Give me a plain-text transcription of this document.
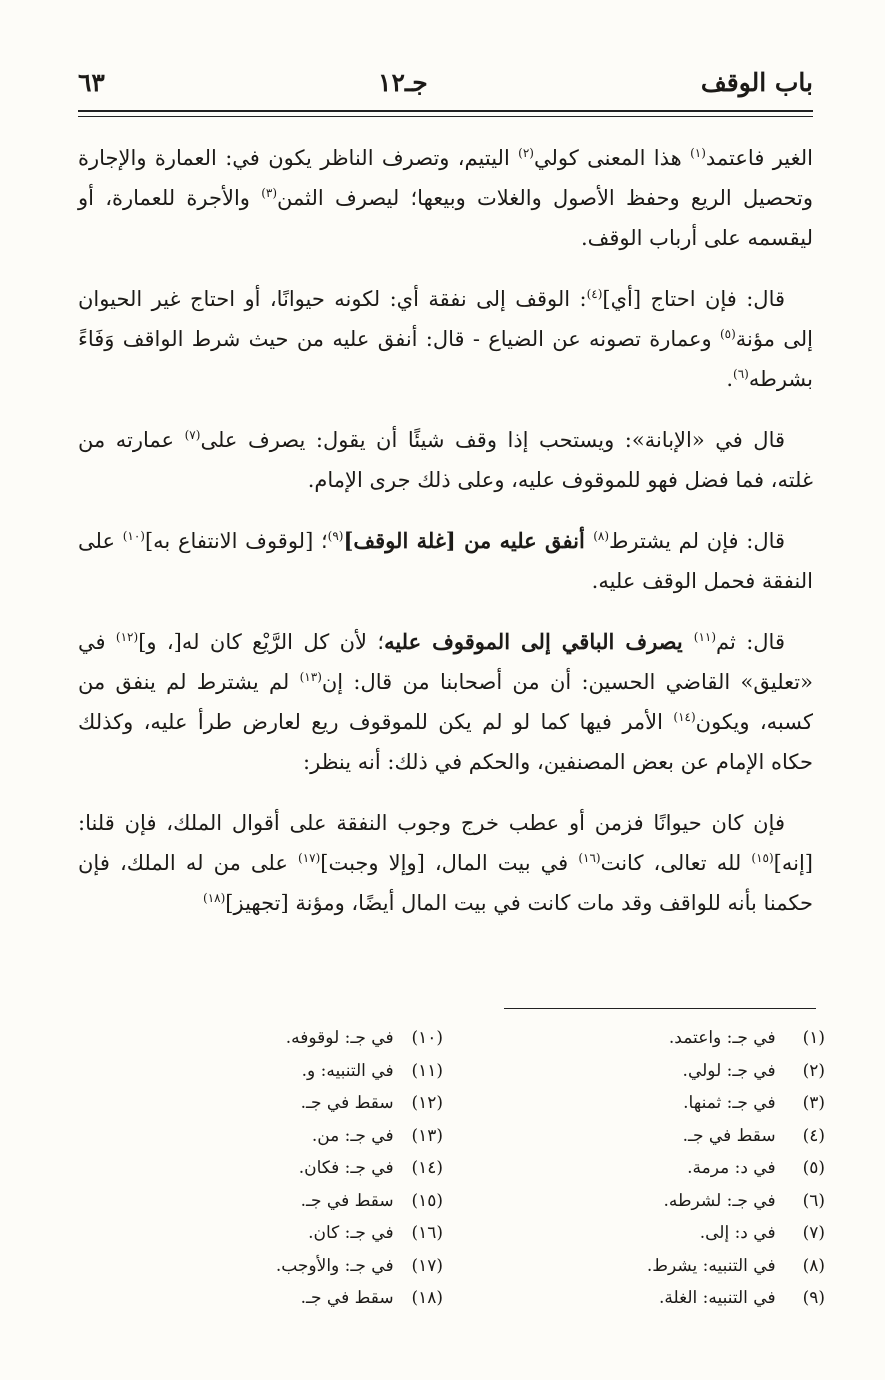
باب الوقف
جـ١٢
٦٣

الغير فاعتمد$^{(١)}$ هذا المعنى كولي$^{(٢)}$ اليتيم، وتصرف الناظر يكون في: العمارة والإجارة وتحصيل الريع وحفظ الأصول والغلات وبيعها؛ ليصرف الثمن$^{(٣)}$ والأجرة للعمارة، أو ليقسمه على أرباب الوقف.

قال: فإن احتاج [أي]$^{(٤)}$: الوقف إلى نفقة أي: لكونه حيوانًا، أو احتاج غير الحيوان إلى مؤنة$^{(٥)}$ وعمارة تصونه عن الضياع - قال: أنفق عليه من حيث شرط الواقف وَفَاءً بشرطه$^{(٦)}$.

قال في «الإبانة»: ويستحب إذا وقف شيئًا أن يقول: يصرف على$^{(٧)}$ عمارته من غلته، فما فضل فهو للموقوف عليه، وعلى ذلك جرى الإمام.

قال: فإن لم يشترط$^{(٨)}$ أنفق عليه من [غلة الوقف]$^{(٩)}$؛ [لوقوف الانتفاع به]$^{(١٠)}$ على النفقة فحمل الوقف عليه.

قال: ثم$^{(١١)}$ يصرف الباقي إلى الموقوف عليه؛ لأن كل الرَّيْع كان له[، و]$^{(١٢)}$ في «تعليق» القاضي الحسين: أن من أصحابنا من قال: إن$^{(١٣)}$ لم يشترط لم ينفق من كسبه، ويكون$^{(١٤)}$ الأمر فيها كما لو لم يكن للموقوف ريع لعارض طرأ عليه، وكذلك حكاه الإمام عن بعض المصنفين، والحكم في ذلك: أنه ينظر:

فإن كان حيوانًا فزمن أو عطب خرج وجوب النفقة على أقوال الملك، فإن قلنا: [إنه]$^{(١٥)}$ لله تعالى، كانت$^{(١٦)}$ في بيت المال، [وإلا وجبت]$^{(١٧)}$ على من له الملك، فإن حكمنا بأنه للواقف وقد مات كانت في بيت المال أيضًا، ومؤنة [تجهيز]$^{(١٨)}$

(١) في جـ: واعتمد.
(٢) في جـ: لولي.
(٣) في جـ: ثمنها.
(٤) سقط في جـ.
(٥) في د: مرمة.
(٦) في جـ: لشرطه.
(٧) في د: إلى.
(٨) في التنبيه: يشرط.
(٩) في التنبيه: الغلة.
(١٠) في جـ: لوقوفه.
(١١) في التنبيه: و.
(١٢) سقط في جـ.
(١٣) في جـ: من.
(١٤) في جـ: فكان.
(١٥) سقط في جـ.
(١٦) في جـ: كان.
(١٧) في جـ: والأوجب.
(١٨) سقط في جـ.
